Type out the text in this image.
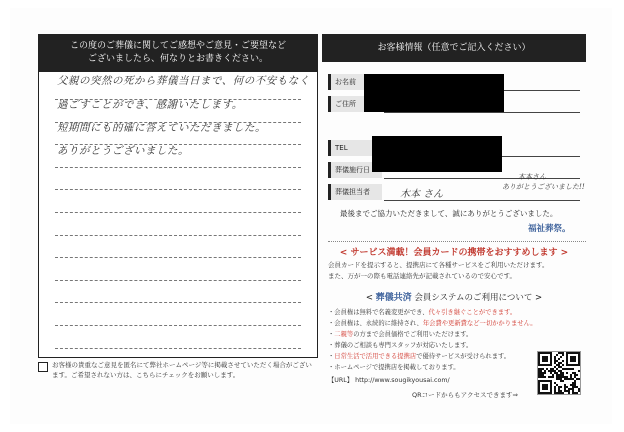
この度のご葬儀に関してご感想やご意見・ご要望など
ございましたら、何なりとお書きください。
父親の突然の死から葬儀当日まで、何の不安もなく
過ごすことができ、感謝いたします。
短期間にも的確に答えていただきました。
ありがとうございました。
お客様の貴重なご意見を匿名にて弊社ホームページ等に掲載させていただく場合がございます。ご希望されない方は、こちらにチェックをお願いします。
お客様情報（任意でご記入ください）
お名前
ご住所
TEL
葬儀施行日
葬儀担当者	木本 さん
木本さん
ありがとうございました!!
最後までご協力いただきまして、誠にありがとうございました。
福祉葬祭。
< サービス満載！会員カードの携帯をおすすめします >
会員カードを提示すると、提携店にて各種サービスをご利用いただけます。
また、万が一の際も電話連絡先が記載されているので安心です。
< 葬儀共済 会員システムのご利用について >
・会員権は無料で名義変更ができ、代々引き継ぐことができます。
・会員権は、永続的に維持され、年会費や更新費など一切かかりません。
・二親等の方まで会員価格でご利用いただけます。
・葬儀のご相談も専門スタッフが対応いたします。
・日常生活で活用できる提携店で優待サービスが受けられます。
・ホームページで提携店を掲載しております。
【URL】 http://www.sougikyousai.com/
QRコードからもアクセスできます⇒
